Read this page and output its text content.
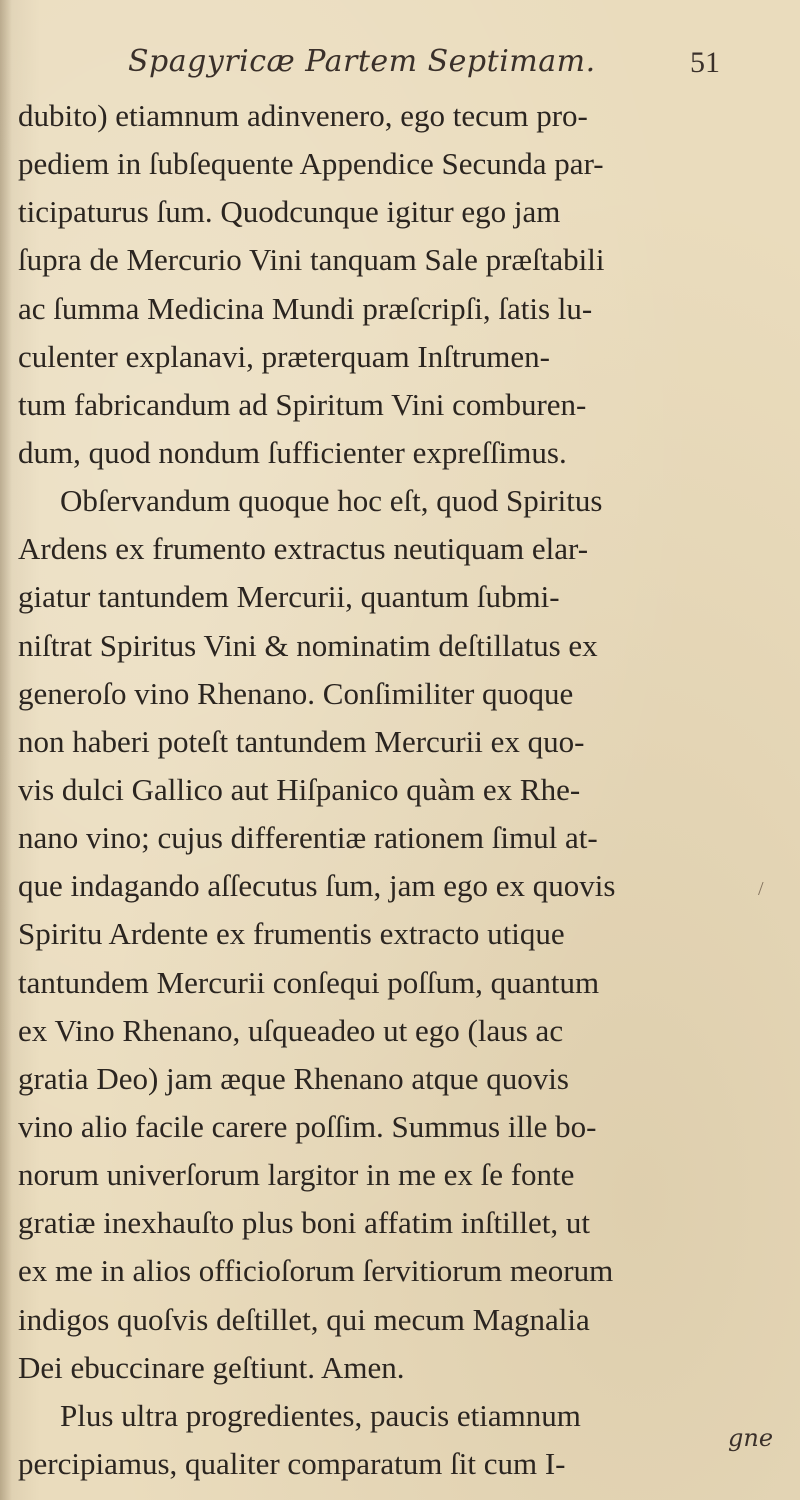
Spagyricæ Partem Septimam.	51
dubito) etiamnum adinvenero, ego tecum pro-
pediem in ſubſequente Appendice Secunda par-
ticipaturus ſum. Quodcunque igitur ego jam
ſupra de Mercurio Vini tanquam Sale præſtabili
ac ſumma Medicina Mundi præſcripſi, ſatis lu-
culenter explanavi, præterquam Inſtrumen-
tum fabricandum ad Spiritum Vini comburen-
dum, quod nondum ſufficienter expreſſimus.
Obſervandum quoque hoc eſt, quod Spiritus
Ardens ex frumento extractus neutiquam elar-
giatur tantundem Mercurii, quantum ſubmi-
niſtrat Spiritus Vini & nominatim deſtillatus ex
generoſo vino Rhenano. Conſimiliter quoque
non haberi poteſt tantundem Mercurii ex quo-
vis dulci Gallico aut Hiſpanico quàm ex Rhe-
nano vino; cujus differentiæ rationem ſimul at-
que indagando aſſecutus ſum, jam ego ex quovis
Spiritu Ardente ex frumentis extracto utique
tantundem Mercurii conſequi poſſum, quantum
ex Vino Rhenano, uſqueadeo ut ego (laus ac
gratia Deo) jam æque Rhenano atque quovis
vino alio facile carere poſſim. Summus ille bo-
norum univerſorum largitor in me ex ſe fonte
gratiæ inexhauſto plus boni affatim inſtillet, ut
ex me in alios officioſorum ſervitiorum meorum
indigos quoſvis deſtillet, qui mecum Magnalia
Dei ebuccinare geſtiunt. Amen.
Plus ultra progredientes, paucis etiamnum
percipiamus, qualiter comparatum ſit cum I-
/
gne
